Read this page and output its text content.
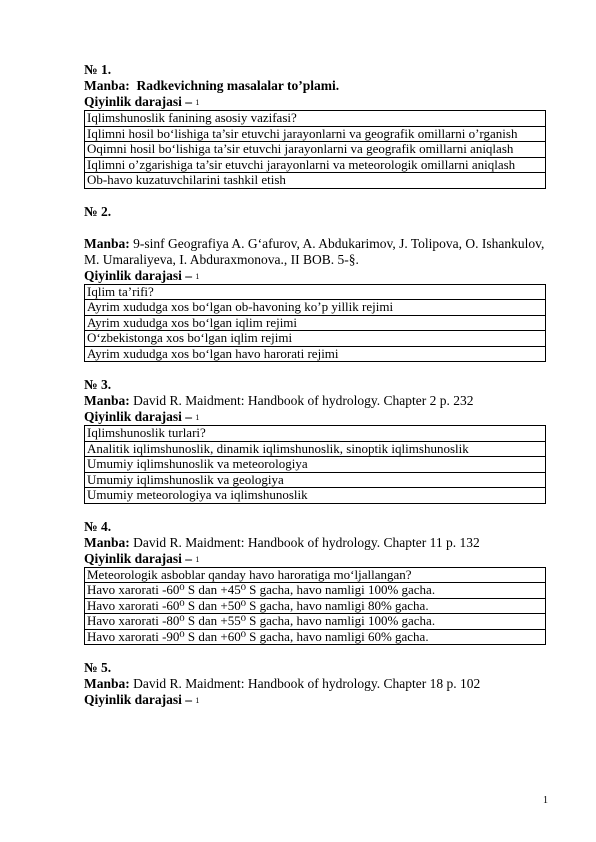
№ 1.
Manba: Radkevichning masalalar to’plami.
Qiyinlik darajasi – 1
Iqlimshunoslik fanining asosiy vazifasi?
Iqlimni hosil bo‘lishiga ta’sir etuvchi jarayonlarni va geografik omillarni o’rganish
Oqimni hosil bo‘lishiga ta’sir etuvchi jarayonlarni va geografik omillarni aniqlash
Iqlimni o’zgarishiga ta’sir etuvchi jarayonlarni va meteorologik omillarni aniqlash
Ob-havo kuzatuvchilarini tashkil etish
№ 2.
Manba: 9-sinf Geografiya A. G‘afurov, A. Abdukarimov, J. Tolipova, O. Ishankulov, M. Umaraliyeva, I. Abduraxmonova., II BOB. 5-§.
Qiyinlik darajasi – 1
Iqlim ta’rifi?
Ayrim xududga xos bo‘lgan ob-havoning ko’p yillik rejimi
Ayrim xududga xos bo‘lgan iqlim rejimi
O‘zbekistonga xos bo‘lgan iqlim rejimi
Ayrim xududga xos bo‘lgan havo harorati rejimi
№ 3.
Manba: David R. Maidment: Handbook of hydrology. Chapter 2 p. 232
Qiyinlik darajasi – 1
Iqlimshunoslik turlari?
Analitik iqlimshunoslik, dinamik iqlimshunoslik, sinoptik iqlimshunoslik
Umumiy iqlimshunoslik va meteorologiya
Umumiy iqlimshunoslik va geologiya
Umumiy meteorologiya va iqlimshunoslik
№ 4.
Manba: David R. Maidment: Handbook of hydrology. Chapter 11 p. 132
Qiyinlik darajasi – 1
Meteorologik asboblar qanday havo haroratiga mo‘ljallangan?
Havo xarorati -60⁰ S dan +45⁰ S gacha, havo namligi 100% gacha.
Havo xarorati -60⁰ S dan +50⁰ S gacha, havo namligi 80% gacha.
Havo xarorati -80⁰ S dan +55⁰ S gacha, havo namligi 100% gacha.
Havo xarorati -90⁰ S dan +60⁰ S gacha, havo namligi 60% gacha.
№ 5.
Manba: David R. Maidment: Handbook of hydrology. Chapter 18 p. 102
Qiyinlik darajasi – 1
1
